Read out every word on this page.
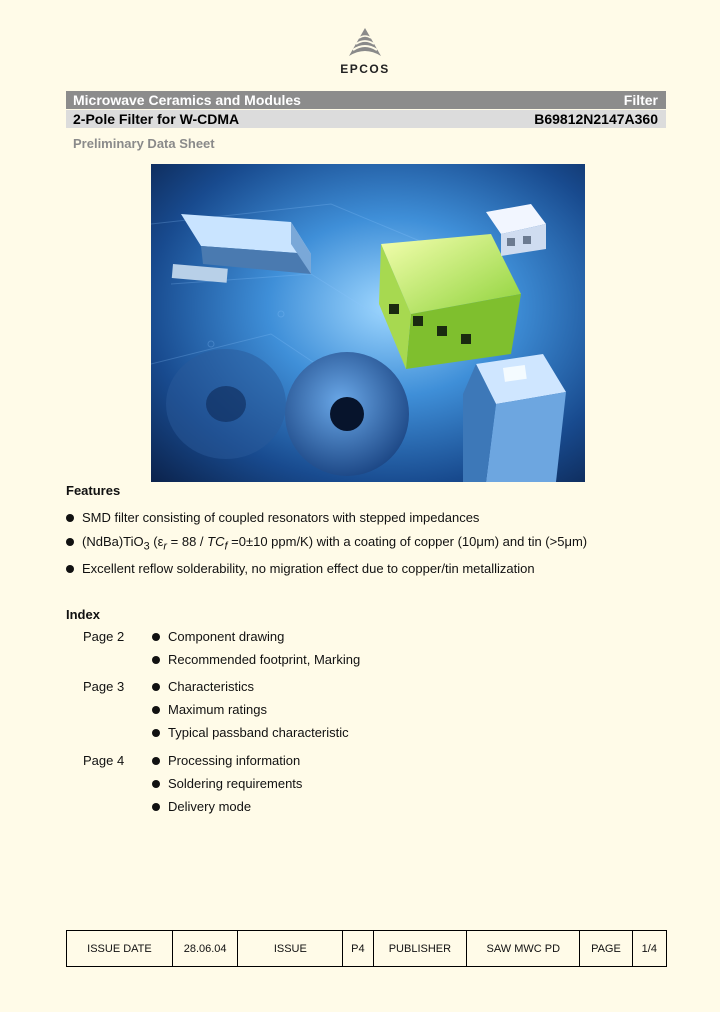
EPCOS
Microwave Ceramics and Modules	Filter
2-Pole Filter for W-CDMA	B69812N2147A360
Preliminary Data Sheet
Features
SMD filter consisting of coupled resonators with stepped impedances
(NdBa)TiO$_3$ ($\varepsilon_r = 88 / TC_f =0\pm 10$ ppm/K) with a coating of copper (10μm) and tin (>5μm)
Excellent reflow solderability, no migration effect due to copper/tin metallization
Index
Page 2	Component drawing
Recommended footprint, Marking
Page 3	Characteristics
Maximum ratings
Typical passband characteristic
Page 4	Processing information
Soldering requirements
Delivery mode
ISSUE DATE	28.06.04	ISSUE	P4	PUBLISHER	SAW MWC PD	PAGE	1/4
